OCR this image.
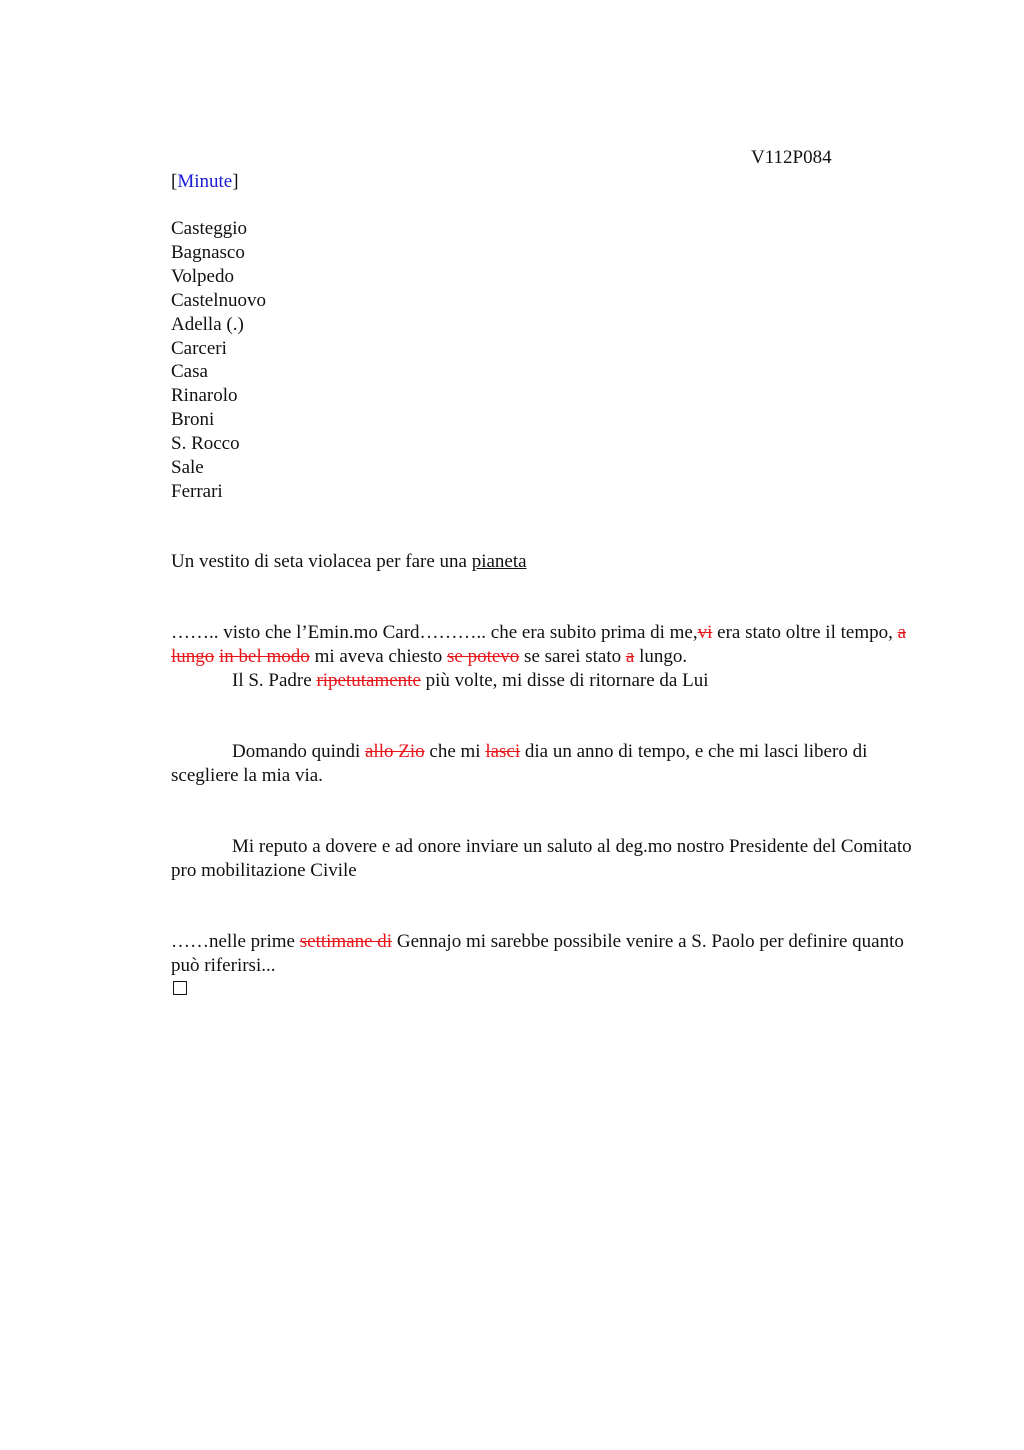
V112P084
[Minute]
Casteggio
Bagnasco
Volpedo
Castelnuovo
Adella (.)
Carceri
Casa
Rinarolo
Broni
S. Rocco
Sale
Ferrari
Un vestito di seta violacea per fare una pianeta
…….. visto che l’Emin.mo Card……….. che era subito prima di me,vi era stato oltre il tempo, a lungo in bel modo mi aveva chiesto se potevo se sarei stato a lungo.
Il S. Padre ripetutamente più volte, mi disse di ritornare da Lui
Domando quindi allo Zio che mi lasci dia un anno di tempo, e che mi lasci libero di scegliere la mia via.
Mi reputo a dovere e ad onore inviare un saluto al deg.mo nostro Presidente del Comitato pro mobilitazione Civile
……nelle prime settimane di Gennajo mi sarebbe possibile venire a S. Paolo per definire quanto può riferirsi...
